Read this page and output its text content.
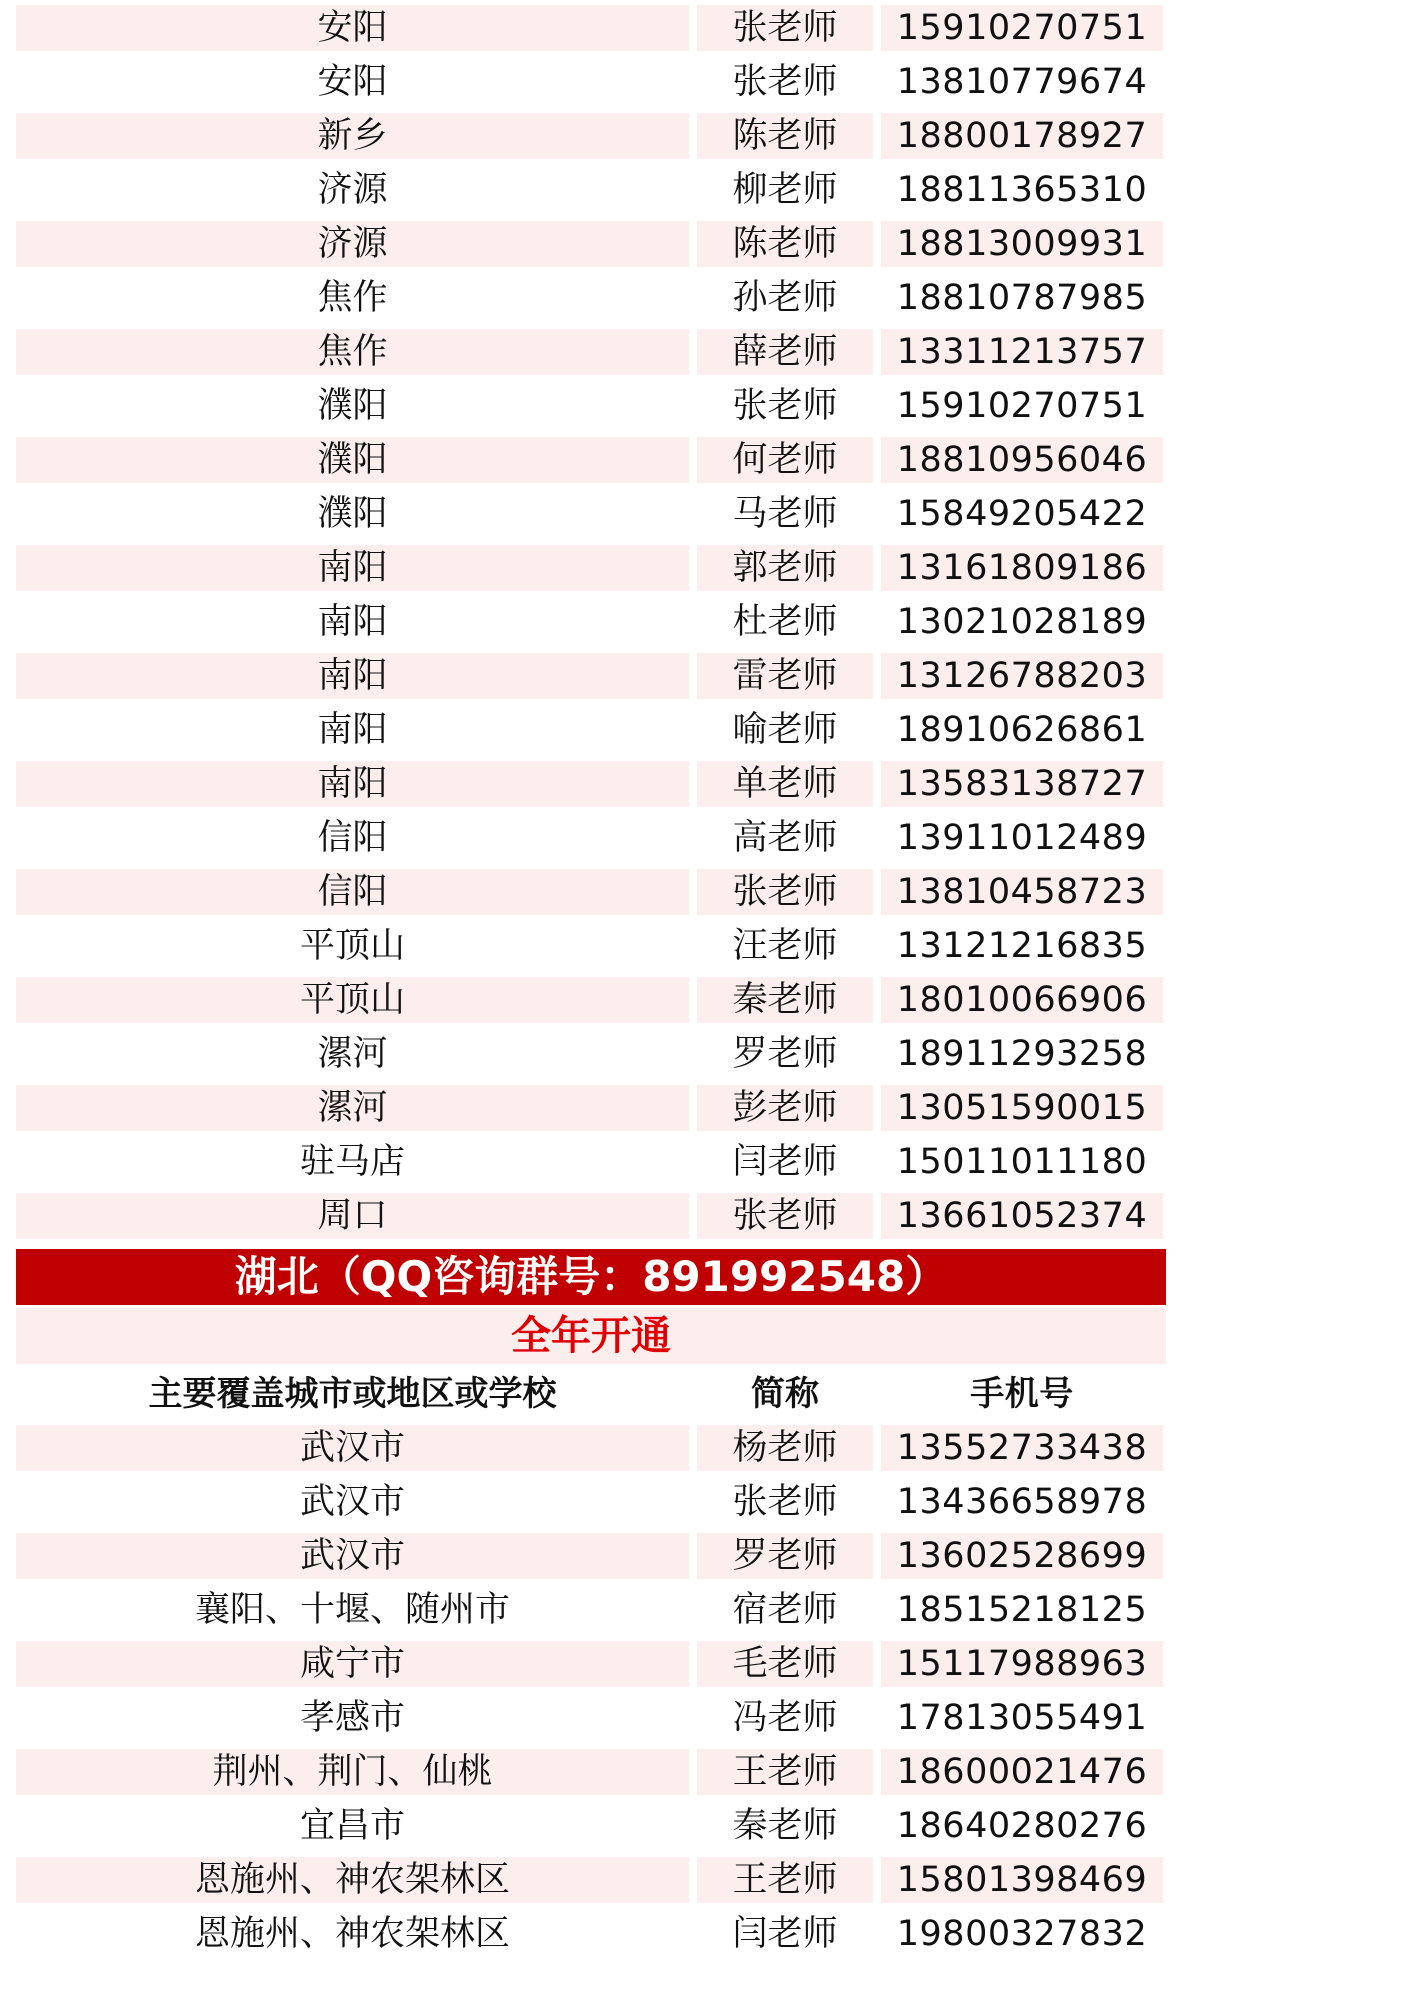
安阳	张老师	15910270751
安阳	张老师	13810779674
新乡	陈老师	18800178927
济源	柳老师	18811365310
济源	陈老师	18813009931
焦作	孙老师	18810787985
焦作	薛老师	13311213757
濮阳	张老师	15910270751
濮阳	何老师	18810956046
濮阳	马老师	15849205422
南阳	郭老师	13161809186
南阳	杜老师	13021028189
南阳	雷老师	13126788203
南阳	喻老师	18910626861
南阳	单老师	13583138727
信阳	高老师	13911012489
信阳	张老师	13810458723
平顶山	汪老师	13121216835
平顶山	秦老师	18010066906
漯河	罗老师	18911293258
漯河	彭老师	13051590015
驻马店	闫老师	15011011180
周口	张老师	13661052374
湖北（QQ咨询群号：891992548）
全年开通
主要覆盖城市或地区或学校	简称	手机号
武汉市	杨老师	13552733438
武汉市	张老师	13436658978
武汉市	罗老师	13602528699
襄阳、十堰、随州市	宿老师	18515218125
咸宁市	毛老师	15117988963
孝感市	冯老师	17813055491
荆州、荆门、仙桃	王老师	18600021476
宜昌市	秦老师	18640280276
恩施州、神农架林区	王老师	15801398469
恩施州、神农架林区	闫老师	19800327832
